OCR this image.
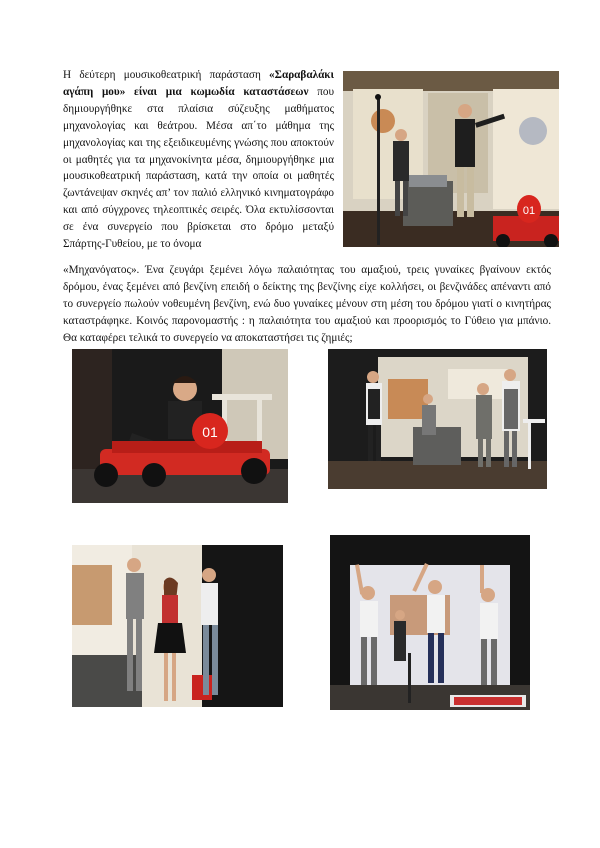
Η δεύτερη μουσικοθεατρική παράσταση «Σαραβαλάκι αγάπη μου» είναι μια κωμωδία καταστάσεων που δημιουργήθηκε στα πλαίσια σύζευξης μαθήματος μηχανολογίας και θεάτρου. Μέσα απ΄το μάθημα της μηχανολογίας και της εξειδικευμένης γνώσης που αποκτούν οι μαθητές για τα μηχανοκίνητα μέσα, δημιουργήθηκε μια μουσικοθεατρική παράσταση, κατά την οποία οι μαθητές ζωντάνεψαν σκηνές απ’ τον παλιό ελληνικό κινηματογράφο και από σύγχρονες τηλεοπτικές σειρές. Όλα εκτυλίσσονται σε ένα συνεργείο που βρίσκεται στο δρόμο μεταξύ Σπάρτης-Γυθείου, με το όνομα

«Μηχανόγατος». Ένα ζευγάρι ξεμένει λόγω παλαιότητας του αμαξιού, τρεις γυναίκες βγαίνουν εκτός δρόμου, ένας ξεμένει από βενζίνη επειδή ο δείκτης της βενζίνης είχε κολλήσει, οι βενζινάδες απέναντι από το συνεργείο πωλούν νοθευμένη βενζίνη, ενώ δυο γυναίκες μένουν στη μέση του δρόμου γιατί ο κινητήρας καταστράφηκε. Κοινός παρονομαστής : η παλαιότητα του αμαξιού και προορισμός το Γύθειο για μπάνιο. Θα καταφέρει τελικά το συνεργείο να αποκαταστήσει τις ζημιές;

01
01
